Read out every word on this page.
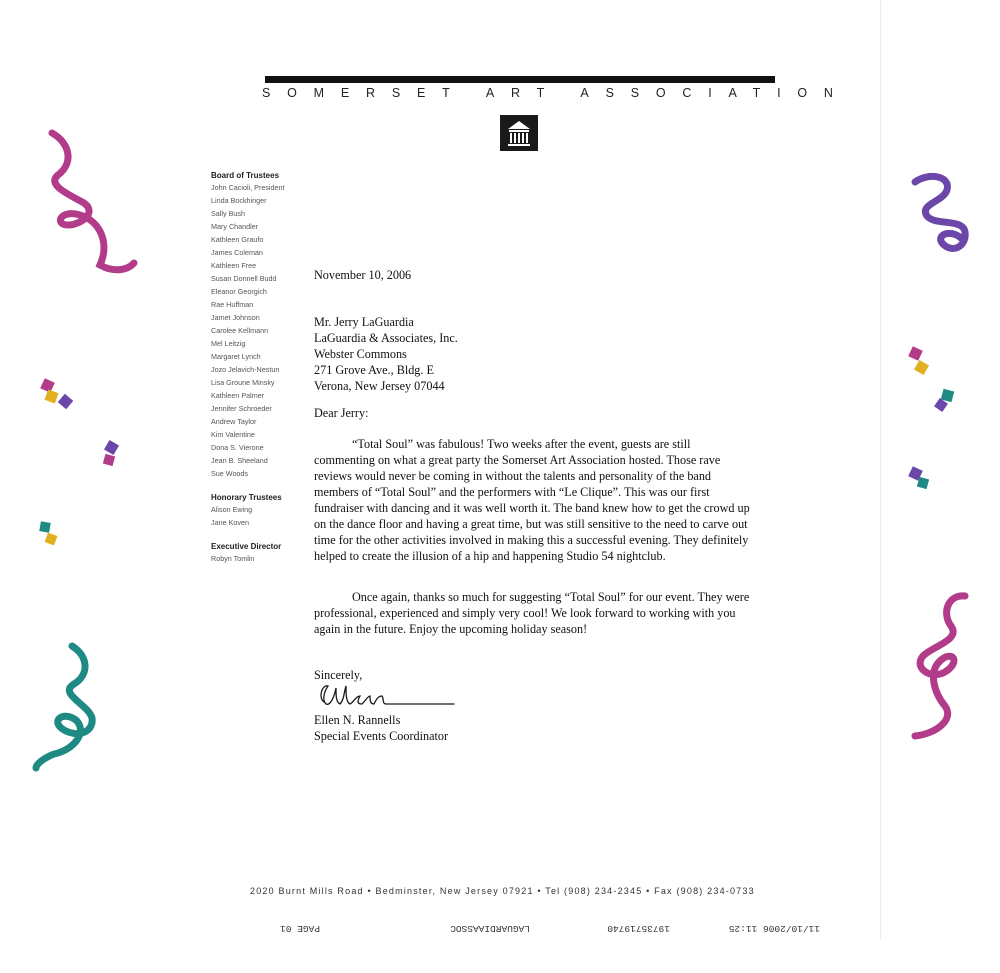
SOMERSET ART ASSOCIATION
Board of Trustees
John Cacioli, President
Linda Bockhinger
Sally Bush
Mary Chandler
Kathleen Graufo
James Coleman
Kathleen Free
Susan Donnell Budd
Eleanor Georgich
Rae Huffman
Jamet Johnson
Carolee Kellmann
Mel Leitzig
Margaret Lynch
Jozo Jelavich-Nestun
Lisa Groune Minsky
Kathleen Palmer
Jennifer Schroeder
Andrew Taylor
Kim Valentine
Dona S. Vierone
Jean B. Sheeland
Sue Woods
Honorary Trustees
Alison Ewing
Jane Koven
Executive Director
Robyn Tomlin

November 10, 2006

Mr. Jerry LaGuardia

LaGuardia & Associates, Inc.

Webster Commons

271 Grove Ave., Bldg. E

Verona, New Jersey 07044

Dear Jerry:

“Total Soul” was fabulous! Two weeks after the event, guests are still commenting on what a great party the Somerset Art Association hosted. Those rave reviews would never be coming in without the talents and personality of the band members of “Total Soul” and the performers with “Le Clique”. This was our first fundraiser with dancing and it was well worth it. The band knew how to get the crowd up on the dance floor and having a great time, but was still sensitive to the need to carve out time for the other activities involved in making this a successful evening. They definitely helped to create the illusion of a hip and happening Studio 54 nightclub.

Once again, thanks so much for suggesting “Total Soul” for our event. They were professional, experienced and simply very cool! We look forward to working with you again in the future. Enjoy the upcoming holiday season!

Sincerely,

Ellen N. Rannells

Special Events Coordinator

2020 Burnt Mills Road • Bedminster, New Jersey 07921 • Tel (908) 234-2345 • Fax (908) 234-0733
11/10/2006 11:25
19735719740
LAGUARDIAASSOC
PAGE 01
